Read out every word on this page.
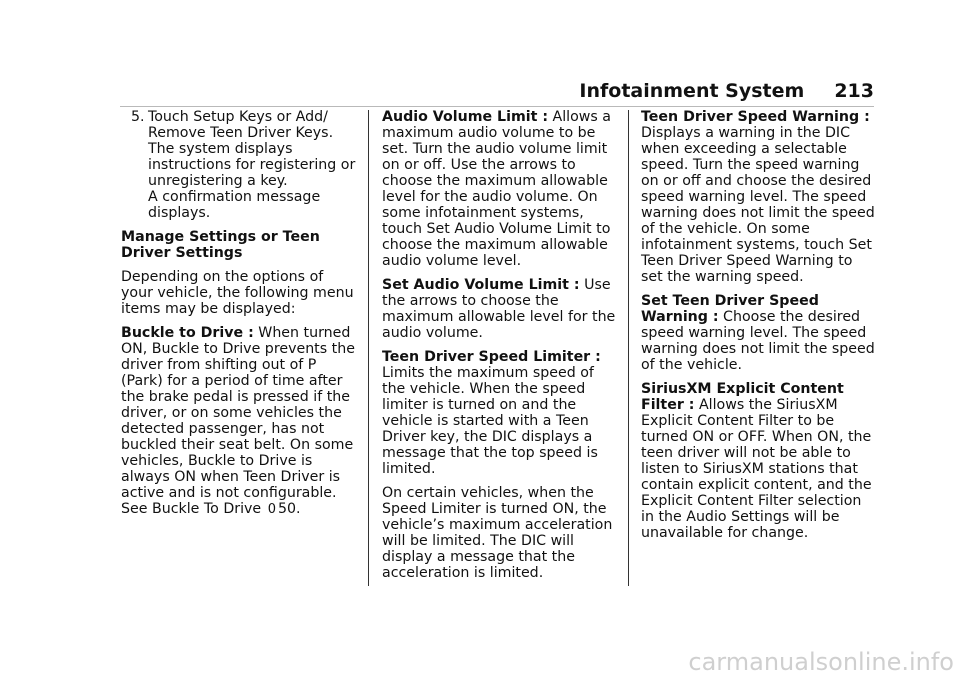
Infotainment System 213
5. Touch Setup Keys or Add/
Remove Teen Driver Keys.
The system displays instructions for registering or unregistering a key.
A confirmation message displays.

Manage Settings or Teen Driver Settings

Depending on the options of your vehicle, the following menu items may be displayed:

Buckle to Drive : When turned ON, Buckle to Drive prevents the driver from shifting out of P (Park) for a period of time after the brake pedal is pressed if the driver, or on some vehicles the detected passenger, has not buckled their seat belt. On some vehicles, Buckle to Drive is always ON when Teen Driver is active and is not configurable. See Buckle To Drive 0 50.

Audio Volume Limit : Allows a maximum audio volume to be set. Turn the audio volume limit on or off. Use the arrows to choose the maximum allowable level for the audio volume. On some infotainment systems, touch Set Audio Volume Limit to choose the maximum allowable audio volume level.

Set Audio Volume Limit : Use the arrows to choose the maximum allowable level for the audio volume.

Teen Driver Speed Limiter : Limits the maximum speed of the vehicle. When the speed limiter is turned on and the vehicle is started with a Teen Driver key, the DIC displays a message that the top speed is limited.

On certain vehicles, when the Speed Limiter is turned ON, the vehicle’s maximum acceleration will be limited. The DIC will display a message that the acceleration is limited.

Teen Driver Speed Warning : Displays a warning in the DIC when exceeding a selectable speed. Turn the speed warning on or off and choose the desired speed warning level. The speed warning does not limit the speed of the vehicle. On some infotainment systems, touch Set Teen Driver Speed Warning to set the warning speed.

Set Teen Driver Speed Warning : Choose the desired speed warning level. The speed warning does not limit the speed of the vehicle.

SiriusXM Explicit Content Filter : Allows the SiriusXM Explicit Content Filter to be turned ON or OFF. When ON, the teen driver will not be able to listen to SiriusXM stations that contain explicit content, and the Explicit Content Filter selection in the Audio Settings will be unavailable for change.

carmanualsonline.info
